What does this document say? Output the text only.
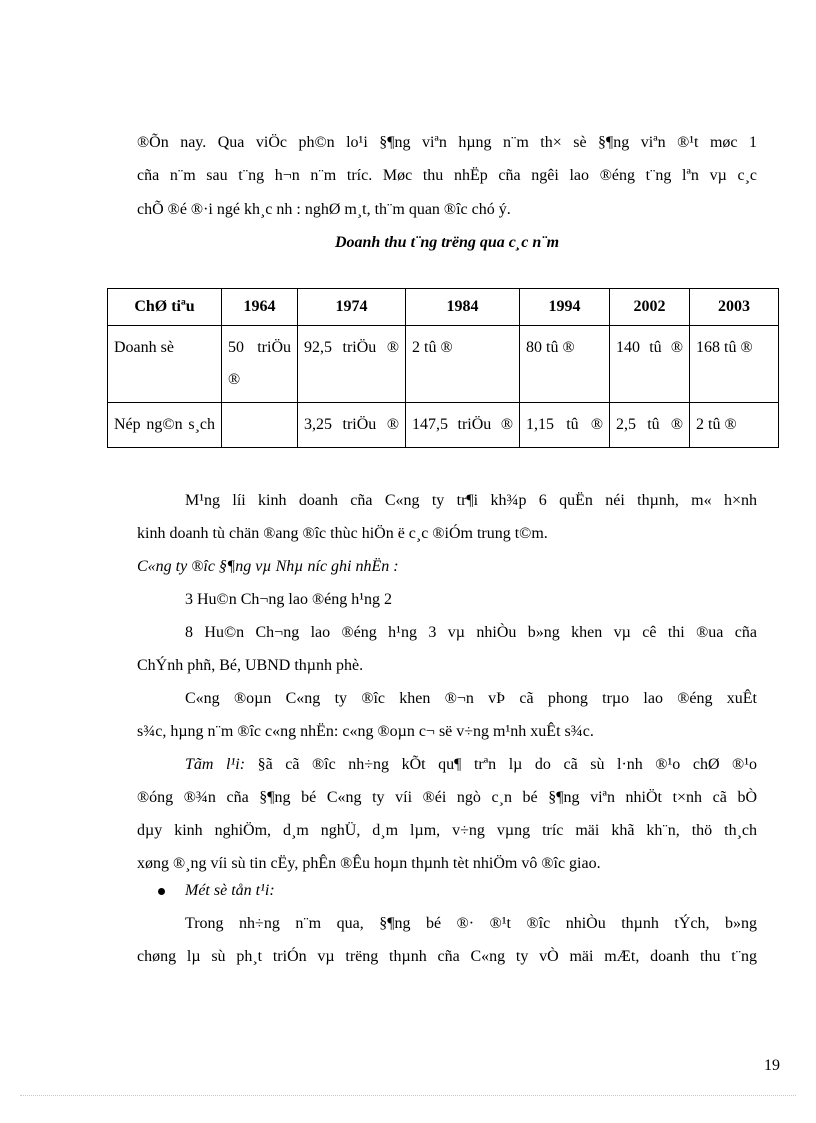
®Õn nay. Qua viÖc ph©n lo¹i §¶ng viªn hµng n¨m th× sè §¶ng viªn ®¹t møc 1
cña n¨m sau t¨ng h¬n n¨m tríc. Møc thu nhËp cña ngêi lao ®éng t¨ng lªn vµ c¸c
chÕ ®é ®·i ngé kh¸c nh : nghØ m¸t, th¨m quan ®îc chó ý.
Doanh thu t¨ng trëng qua c¸c n¨m
ChØ tiªu	1964	1974	1984	1994	2002	2003
Doanh sè	50 triÖu ®	92,5 triÖu ®	2 tû ®	80 tû ®	140 tû ®	168 tû ®
Nép ng©n s¸ch		3,25 triÖu ®	147,5 triÖu ®	1,15 tû ®	2,5 tû ®	2 tû ®
M¹ng líi kinh doanh cña C«ng ty tr¶i kh¾p 6 quËn néi thµnh, m« h×nh
kinh doanh tù chän ®ang ®îc thùc hiÖn ë c¸c ®iÓm trung t©m.
C«ng ty ®îc §¶ng vµ Nhµ níc ghi nhËn :
3 Hu©n Ch¬ng lao ®éng h¹ng 2
8 Hu©n Ch¬ng lao ®éng h¹ng 3 vµ nhiÒu b»ng khen vµ cê thi ®ua cña
ChÝnh phñ, Bé, UBND thµnh phè.
C«ng ®oµn C«ng ty ®îc khen ®¬n vÞ cã phong trµo lao ®éng xuÊt
s¾c, hµng n¨m ®îc c«ng nhËn: c«ng ®oµn c¬ së v÷ng m¹nh xuÊt s¾c.
Tãm l¹i: §ã cã ®îc nh÷ng kÕt qu¶ trªn lµ do cã sù l·nh ®¹o chØ ®¹o
®óng ®¾n cña §¶ng bé C«ng ty víi ®éi ngò c¸n bé §¶ng viªn nhiÖt t×nh cã bÒ
dµy kinh nghiÖm, d¸m nghÜ, d¸m lµm, v÷ng vµng tríc mäi khã kh¨n, thö th¸ch
xøng ®¸ng víi sù tin cËy, phÊn ®Êu hoµn thµnh tèt nhiÖm vô ®îc giao.
Mét sè tån t¹i:
Trong nh÷ng n¨m qua, §¶ng bé ®· ®¹t ®îc nhiÒu thµnh tÝch, b»ng
chøng lµ sù ph¸t triÓn vµ trëng thµnh cña C«ng ty vÒ mäi mÆt, doanh thu t¨ng
19
